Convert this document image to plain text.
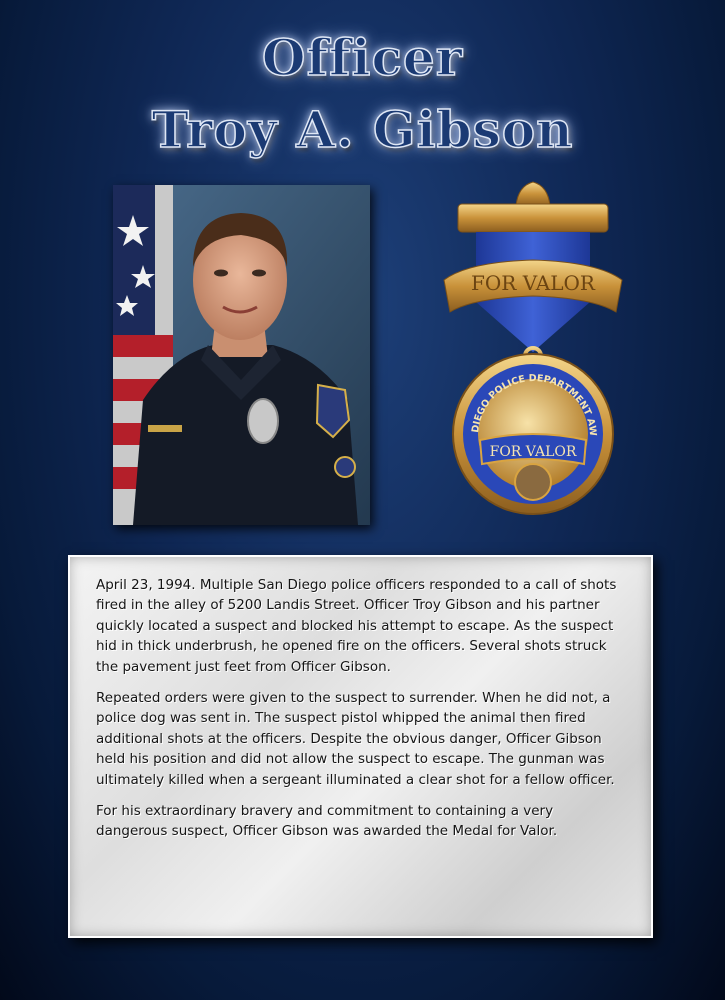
Officer
Troy A. Gibson
FOR VALOR
DIEGO POLICE DEPARTMENT AW
FOR VALOR

April 23, 1994. Multiple San Diego police officers responded to a call of shots fired in the alley of 5200 Landis Street. Officer Troy Gibson and his partner quickly located a suspect and blocked his attempt to escape. As the suspect hid in thick underbrush, he opened fire on the officers. Several shots struck the pavement just feet from Officer Gibson.

Repeated orders were given to the suspect to surrender. When he did not, a police dog was sent in. The suspect pistol whipped the animal then fired additional shots at the officers. Despite the obvious danger, Officer Gibson held his position and did not allow the suspect to escape. The gunman was ultimately killed when a sergeant illuminated a clear shot for a fellow officer.

For his extraordinary bravery and commitment to containing a very dangerous suspect, Officer Gibson was awarded the Medal for Valor.
